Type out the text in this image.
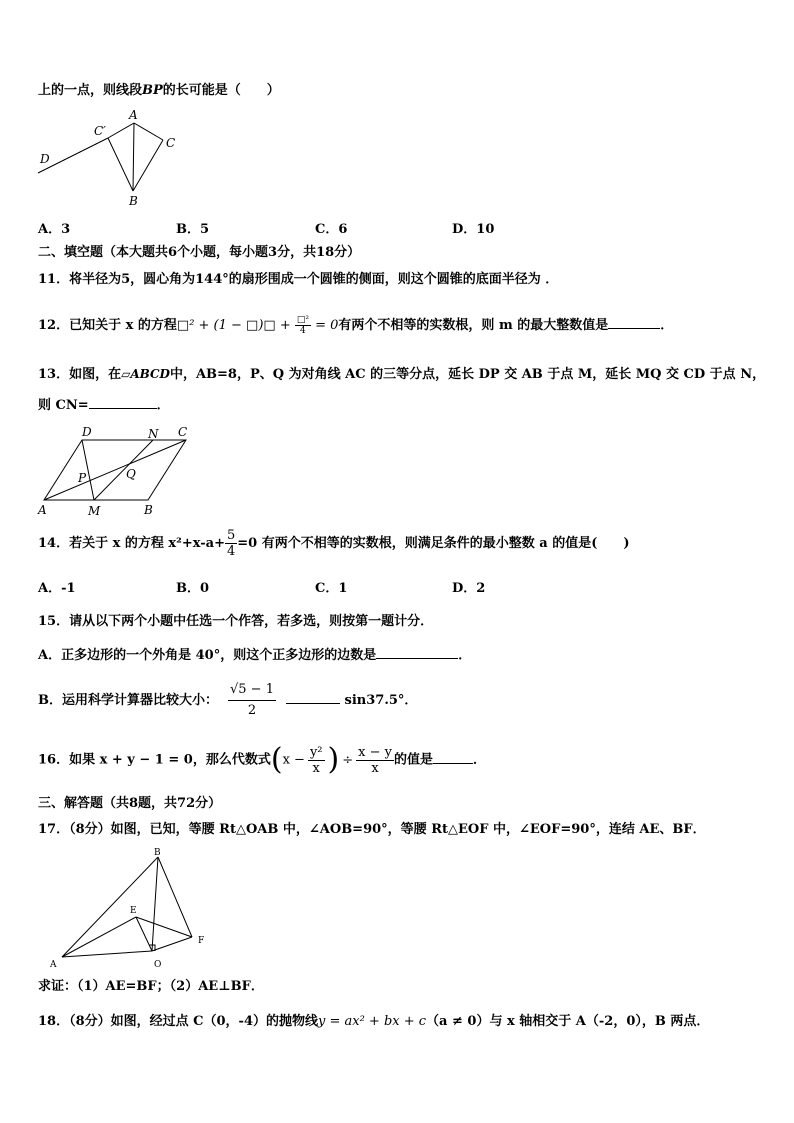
上的一点，则线段BP的长可能是（　　）
D
C′
A
C
B
A．3	B．5	C．6	D．10
二、填空题（本大题共6个小题，每小题3分，共18分）
11．将半径为5，圆心角为144°的扇形围成一个圆锥的侧面，则这个圆锥的底面半径为 ．
12．已知关于 x 的方程□² + (1 − □)□ + $\frac{\text{□²}}{4} = 0$有两个不相等的实数根，则 m 的最大整数值是	．
13．如图，在▱ABCD中，AB=8，P、Q 为对角线 AC 的三等分点，延长 DP 交 AB 于点 M，延长 MQ 交 CD 于点 N，
则 CN=	．
D	N C
P	Q
A	M	B
14．若关于 x 的方程 $x^2+x-a+ \frac{5}{4} =0$ 有两个不相等的实数根，则满足条件的最小整数 a 的值是(　　)
A．-1	B．0	C．1	D．2
15．请从以下两个小题中任选一个作答，若多选，则按第一题计分．
A．正多边形的一个外角是 40°，则这个正多边形的边数是	．
B．运用科学计算器比较大小： $\frac{√5 - 1}{2}$	sin37.5°．
16．如果 x + y − 1 = 0，那么代数式($x - \frac{\text{y²}}{x}$ ) ÷ $\frac{x - y}{x}$ 的值是	．
三、解答题（共8题，共72分）
17．（8分）如图，已知，等腰 Rt△OAB 中，∠AOB=90°，等腰 Rt△EOF 中，∠EOF=90°，连结 AE、BF．
B
E
F
A	O
求证：（1）AE=BF；（2）AE⊥BF．
18．（8分）如图，经过点 C（0，-4）的抛物线y = ax² + bx + c（a ≠ 0）与 x 轴相交于 A（-2，0），B 两点．
